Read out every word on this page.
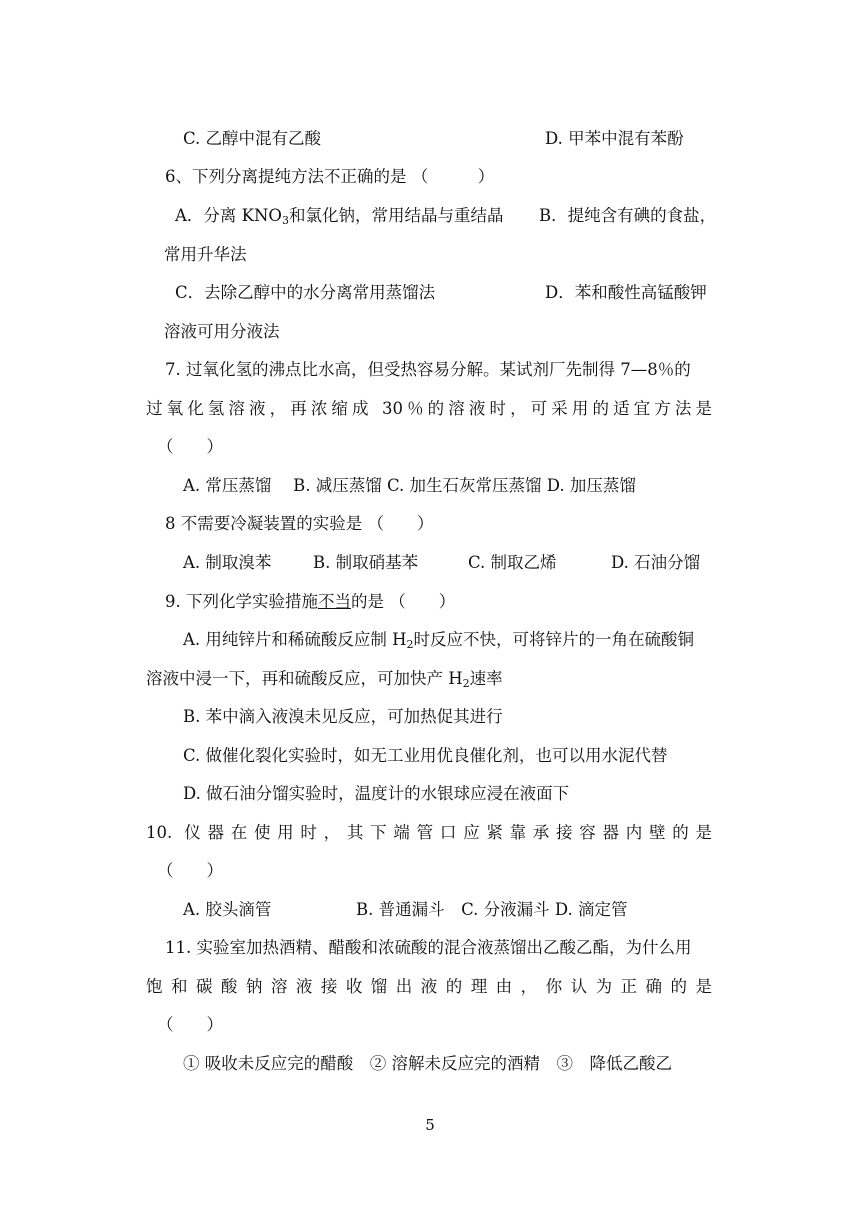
C. 乙醇中混有乙酸	D. 甲苯中混有苯酚
6、下列分离提纯方法不正确的是 （　　　）
A．分离 $KNO_3$和氯化钠，常用结晶与重结晶 B．提纯含有碘的食盐，
常用升华法
C．去除乙醇中的水分离常用蒸馏法	D．苯和酸性高锰酸钾
溶液可用分液法
7. 过氧化氢的沸点比水高，但受热容易分解。某试剂厂先制得 7—8％的
过氧化氢溶液，再浓缩成 30％的溶液时，可采用的适宜方法是
（　　）
A. 常压蒸馏　 B. 减压蒸馏 C. 加生石灰常压蒸馏 D. 加压蒸馏
8 不需要冷凝装置的实验是 （　　）
A. 制取溴苯	B. 制取硝基苯	C. 制取乙烯	D. 石油分馏
9. 下列化学实验措施不当的是 （　　）
A. 用纯锌片和稀硫酸反应制 $H_2$时反应不快，可将锌片的一角在硫酸铜
溶液中浸一下，再和硫酸反应，可加快产 $H_2$速率
B. 苯中滴入液溴未见反应，可加热促其进行
C. 做催化裂化实验时，如无工业用优良催化剂，也可以用水泥代替
D. 做石油分馏实验时，温度计的水银球应浸在液面下
10. 仪器在使用时，其下端管口应紧靠承接容器内壁的是
（　　）
A. 胶头滴管	B. 普通漏斗　C. 分液漏斗 D. 滴定管
11. 实验室加热酒精、醋酸和浓硫酸的混合液蒸馏出乙酸乙酯，为什么用
饱和碳酸钠溶液接收馏出液的理由，你认为正确的是
（　　）
① 吸收未反应完的醋酸　② 溶解未反应完的酒精　③　降低乙酸乙
5
